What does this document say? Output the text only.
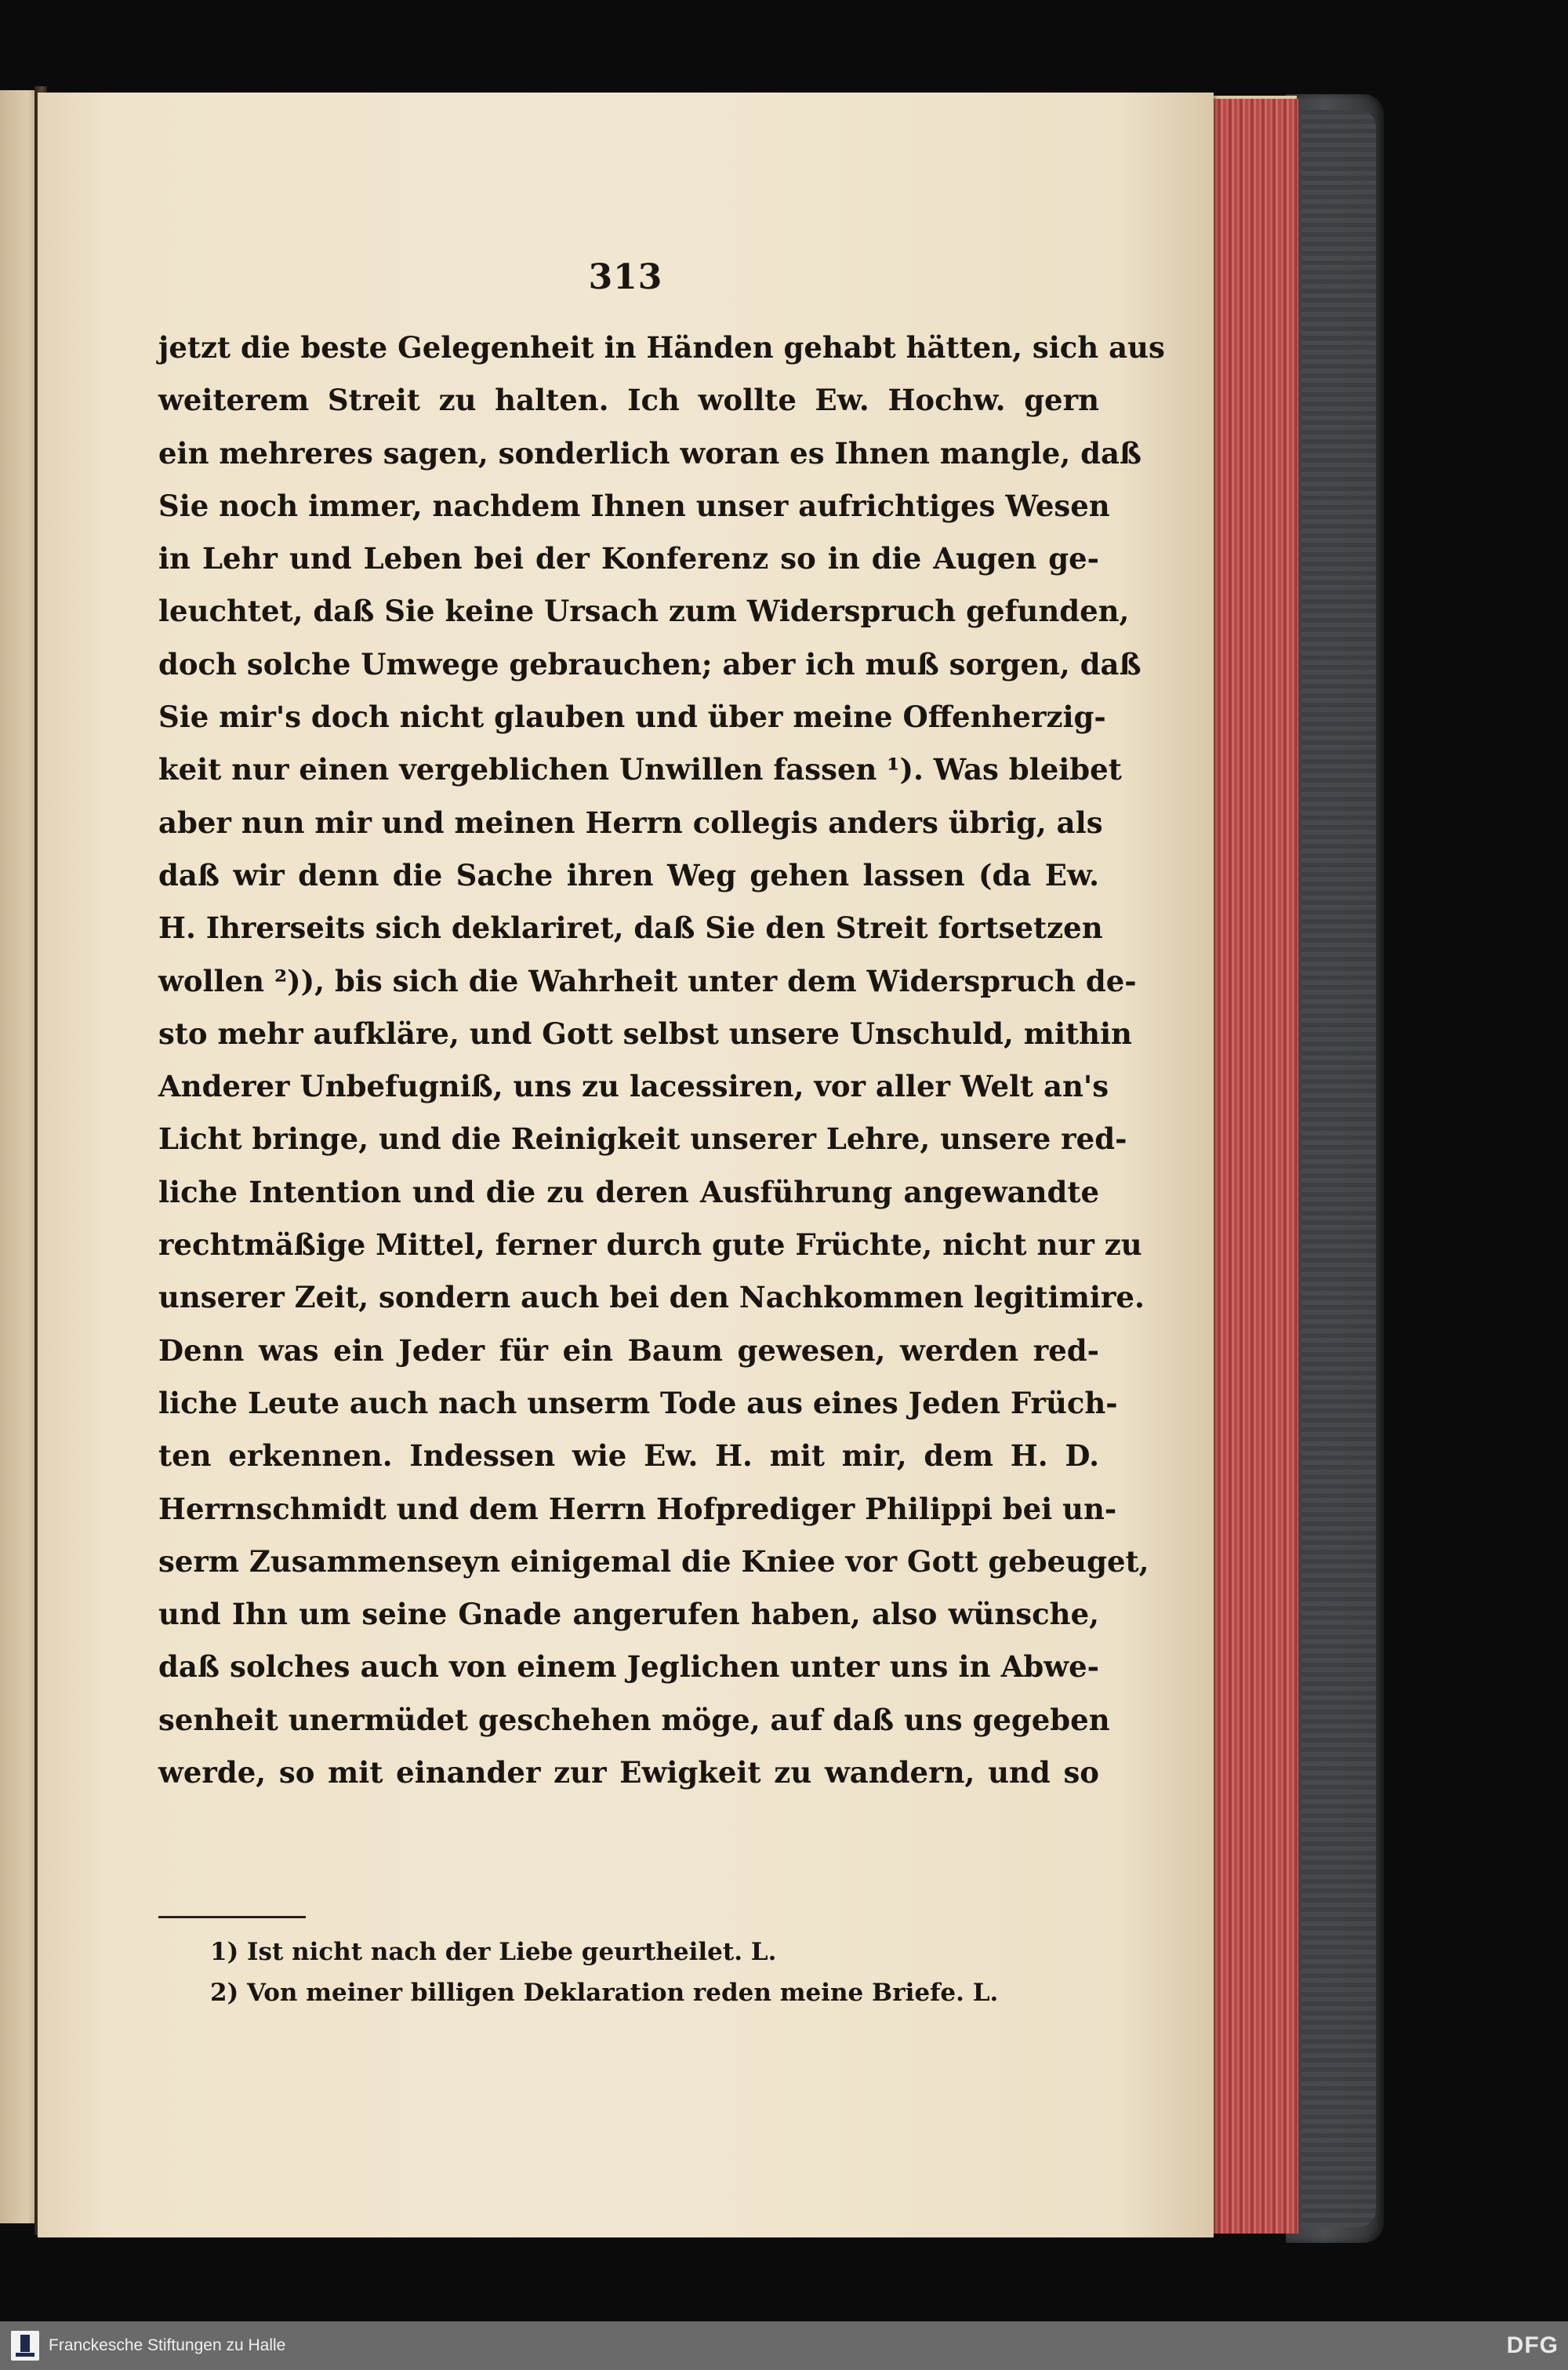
313
jetzt die beste Gelegenheit in Händen gehabt hätten, sich aus
weiterem Streit zu halten. Ich wollte Ew. Hochw. gern
ein mehreres sagen, sonderlich woran es Ihnen mangle, daß
Sie noch immer, nachdem Ihnen unser aufrichtiges Wesen
in Lehr und Leben bei der Konferenz so in die Augen ge-
leuchtet, daß Sie keine Ursach zum Widerspruch gefunden,
doch solche Umwege gebrauchen; aber ich muß sorgen, daß
Sie mir's doch nicht glauben und über meine Offenherzig-
keit nur einen vergeblichen Unwillen fassen ¹). Was bleibet
aber nun mir und meinen Herrn collegis anders übrig, als
daß wir denn die Sache ihren Weg gehen lassen (da Ew.
H. Ihrerseits sich deklariret, daß Sie den Streit fortsetzen
wollen ²)), bis sich die Wahrheit unter dem Widerspruch de-
sto mehr aufkläre, und Gott selbst unsere Unschuld, mithin
Anderer Unbefugniß, uns zu lacessiren, vor aller Welt an's
Licht bringe, und die Reinigkeit unserer Lehre, unsere red-
liche Intention und die zu deren Ausführung angewandte
rechtmäßige Mittel, ferner durch gute Früchte, nicht nur zu
unserer Zeit, sondern auch bei den Nachkommen legitimire.
Denn was ein Jeder für ein Baum gewesen, werden red-
liche Leute auch nach unserm Tode aus eines Jeden Früch-
ten erkennen. Indessen wie Ew. H. mit mir, dem H. D.
Herrnschmidt und dem Herrn Hofprediger Philippi bei un-
serm Zusammenseyn einigemal die Kniee vor Gott gebeuget,
und Ihn um seine Gnade angerufen haben, also wünsche,
daß solches auch von einem Jeglichen unter uns in Abwe-
senheit unermüdet geschehen möge, auf daß uns gegeben
werde, so mit einander zur Ewigkeit zu wandern, und so
1) Ist nicht nach der Liebe geurtheilet. L.
2) Von meiner billigen Deklaration reden meine Briefe. L.
Franckesche Stiftungen zu Halle	DFG
